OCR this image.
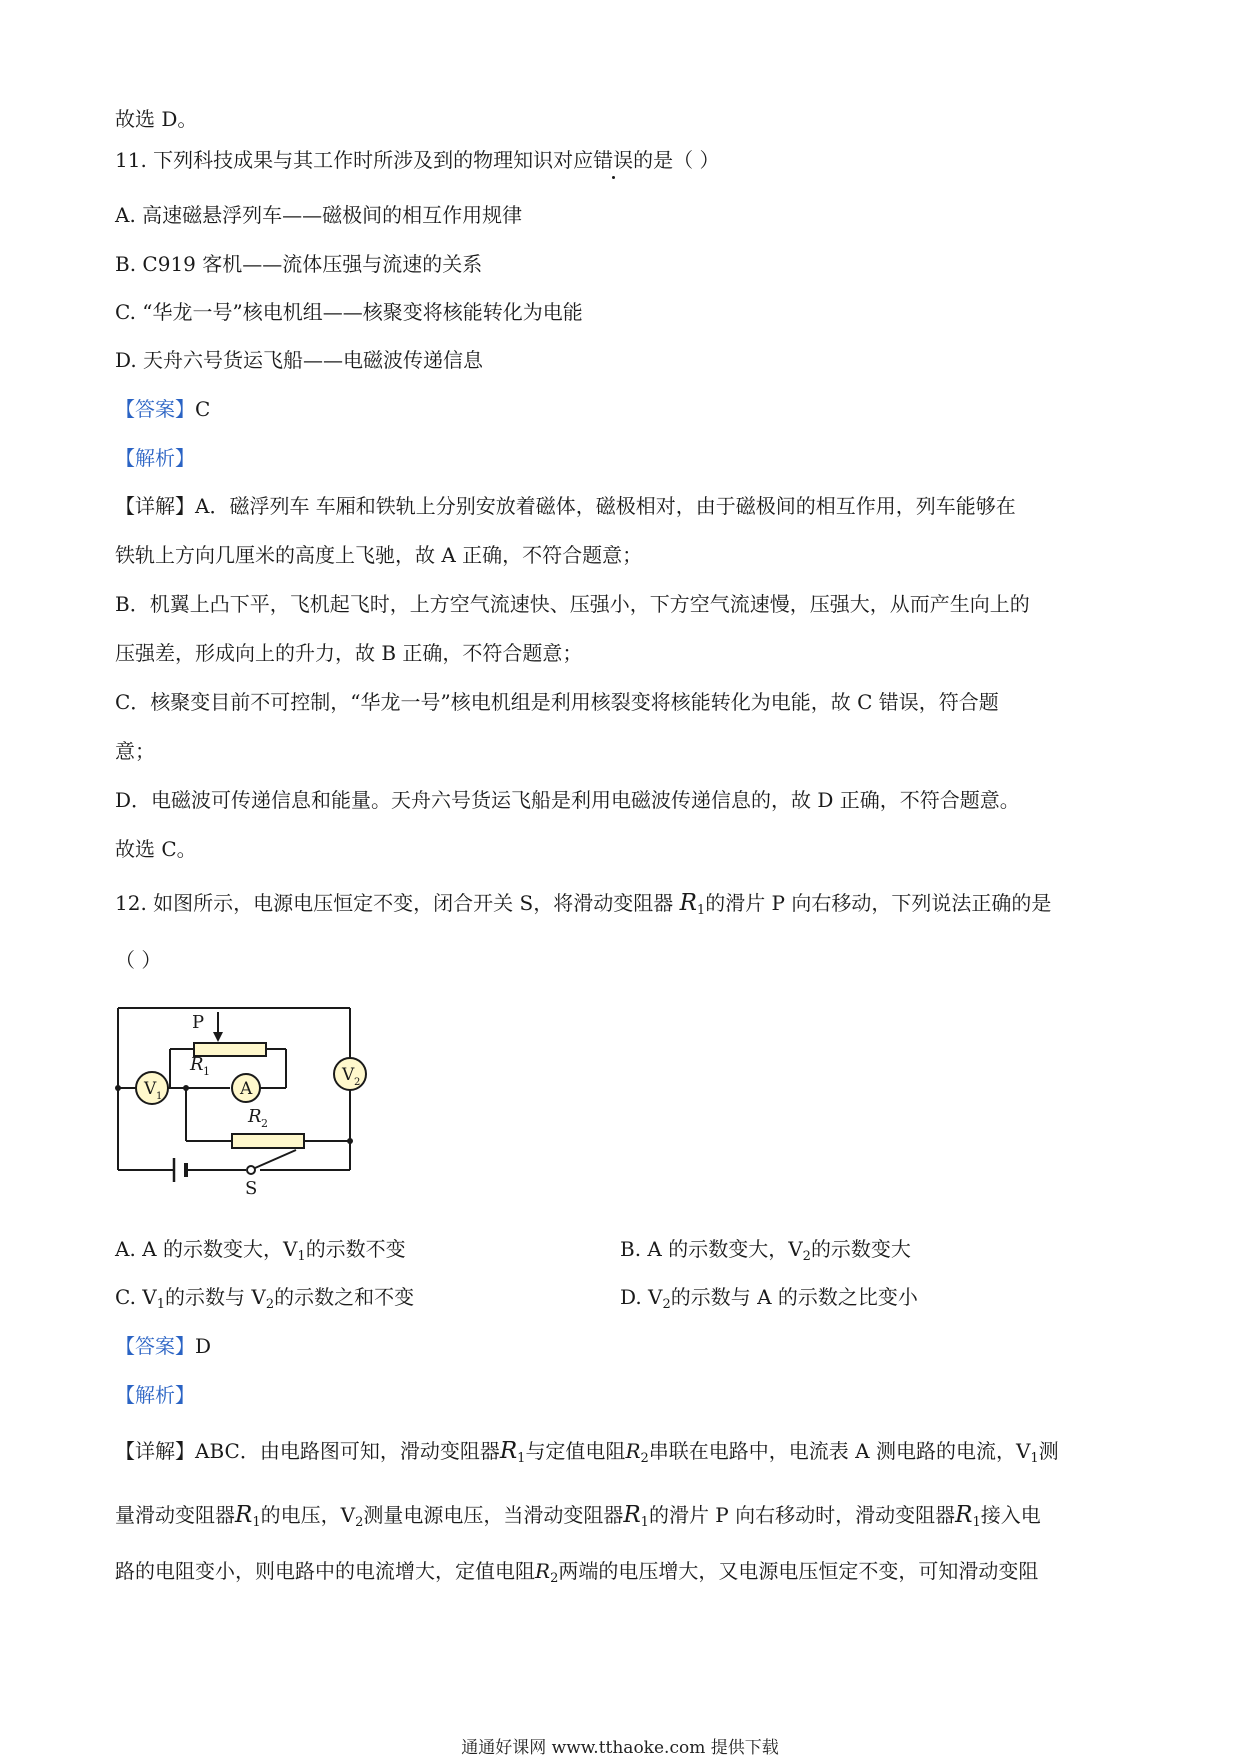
故选 D。
11. 下列科技成果与其工作时所涉及到的物理知识对应错误的是（ ）
A. 高速磁悬浮列车——磁极间的相互作用规律
B. C919 客机——流体压强与流速的关系
C. “华龙一号”核电机组——核聚变将核能转化为电能
D. 天舟六号货运飞船——电磁波传递信息
【答案】C
【解析】
【详解】A．磁浮列车 车厢和铁轨上分别安放着磁体，磁极相对，由于磁极间的相互作用，列车能够在
铁轨上方向几厘米的高度上飞驰，故 A 正确，不符合题意；
B．机翼上凸下平，飞机起飞时，上方空气流速快、压强小，下方空气流速慢，压强大，从而产生向上的
压强差，形成向上的升力，故 B 正确，不符合题意；
C．核聚变目前不可控制，“华龙一号”核电机组是利用核裂变将核能转化为电能，故 C 错误，符合题
意；
D．电磁波可传递信息和能量。天舟六号货运飞船是利用电磁波传递信息的，故 D 正确，不符合题意。
故选 C。
12. 如图所示，电源电压恒定不变，闭合开关 S，将滑动变阻器 $R_1$的滑片 P 向右移动，下列说法正确的是
（ ）
P
R 1
V 1	A
V 2
R 2
S
A. A 的示数变大，$V_1$的示数不变	B. A 的示数变大，$V_2$的示数变大
C. $V_1$的示数与 $V_2$的示数之和不变	D. $V_2$的示数与 A 的示数之比变小
【答案】D
【解析】
【详解】ABC．由电路图可知，滑动变阻器$R_1$与定值电阻$R_2$串联在电路中，电流表 A 测电路的电流，$V_1$测
量滑动变阻器$R_1$的电压，$V_2$测量电源电压，当滑动变阻器$R_1$的滑片 P 向右移动时，滑动变阻器$R_1$接入电
路的电阻变小，则电路中的电流增大，定值电阻$R_2$两端的电压增大，又电源电压恒定不变，可知滑动变阻
通通好课网 www.tthaoke.com 提供下载
